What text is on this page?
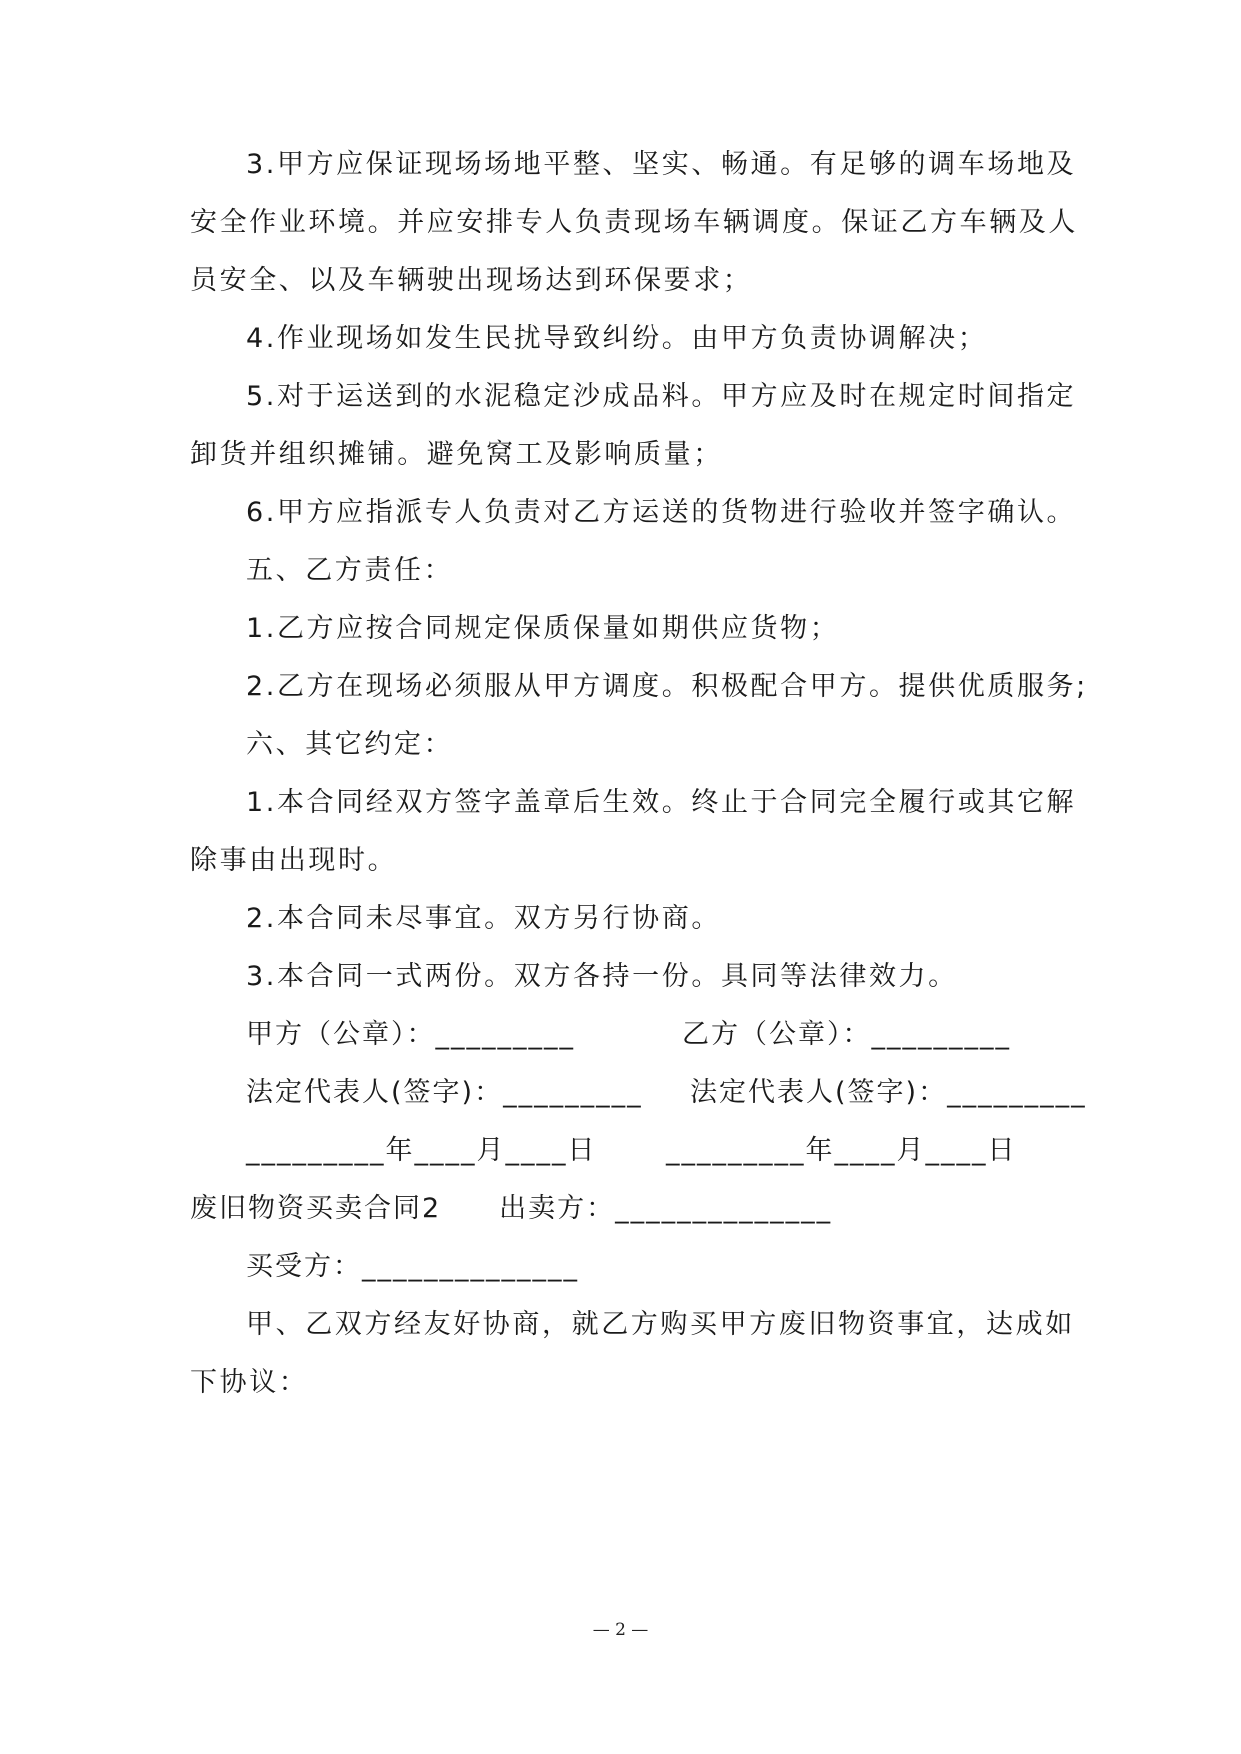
3.甲方应保证现场场地平整、坚实、畅通。有足够的调车场地及
安全作业环境。并应安排专人负责现场车辆调度。保证乙方车辆及人
员安全、以及车辆驶出现场达到环保要求；
4.作业现场如发生民扰导致纠纷。由甲方负责协调解决；
5.对于运送到的水泥稳定沙成品料。甲方应及时在规定时间指定
卸货并组织摊铺。避免窝工及影响质量；
6.甲方应指派专人负责对乙方运送的货物进行验收并签字确认。
五、乙方责任：
1.乙方应按合同规定保质保量如期供应货物；
2.乙方在现场必须服从甲方调度。积极配合甲方。提供优质服务;
六、其它约定：
1.本合同经双方签字盖章后生效。终止于合同完全履行或其它解
除事由出现时。
2.本合同未尽事宜。双方另行协商。
3.本合同一式两份。双方各持一份。具同等法律效力。
甲方（公章）：_________	乙方（公章）：_________
法定代表人(签字)：_________ 法定代表人(签字)：_________
_________年____月____日	_________年____月____日
废旧物资买卖合同2　　出卖方：______________
买受方：______________
甲、乙双方经友好协商，就乙方购买甲方废旧物资事宜，达成如
下协议：
— 2 —
